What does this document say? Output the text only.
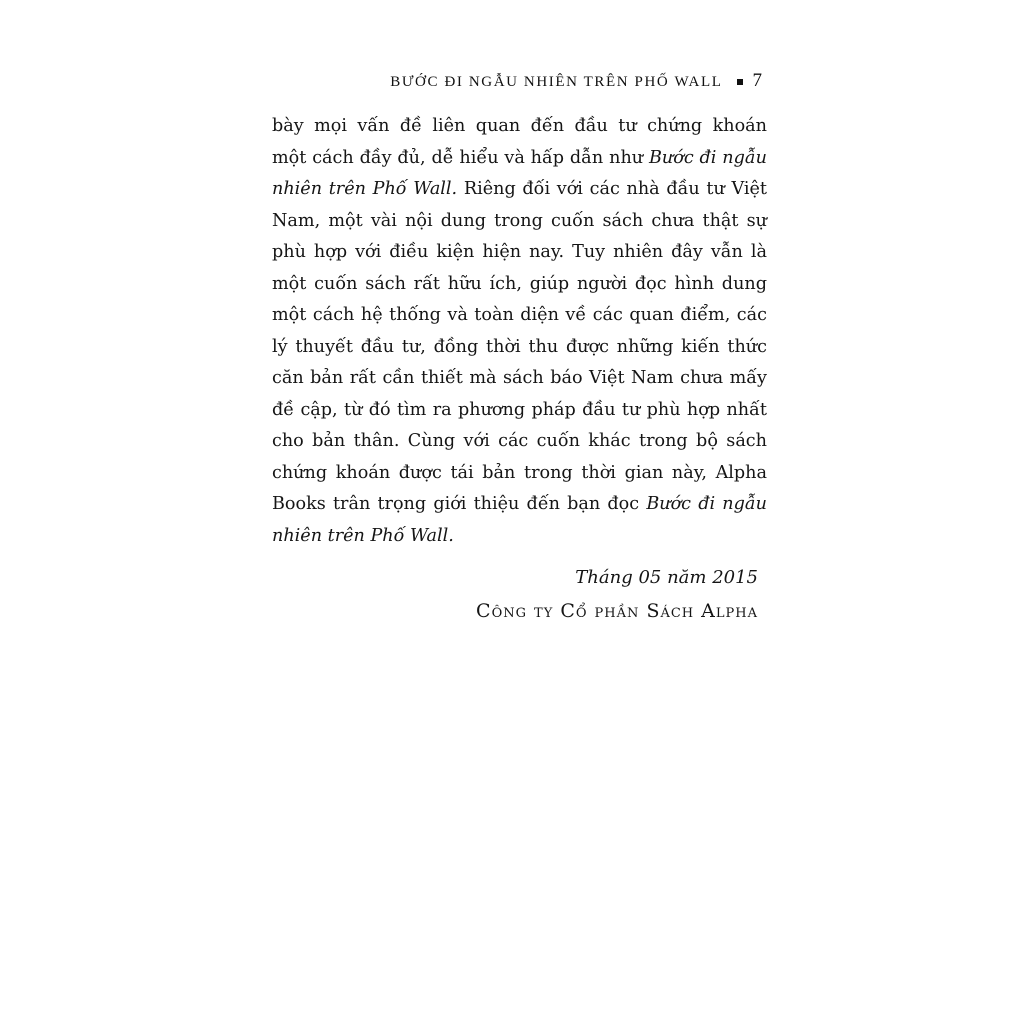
BƯỚC ĐI NGẪU NHIÊN TRÊN PHỐ WALL 7
bày mọi vấn đề liên quan đến đầu tư chứng khoán
một cách đầy đủ, dễ hiểu và hấp dẫn như Bước đi ngẫu
nhiên trên Phố Wall. Riêng đối với các nhà đầu tư Việt
Nam, một vài nội dung trong cuốn sách chưa thật sự
phù hợp với điều kiện hiện nay. Tuy nhiên đây vẫn là
một cuốn sách rất hữu ích, giúp người đọc hình dung
một cách hệ thống và toàn diện về các quan điểm, các
lý thuyết đầu tư, đồng thời thu được những kiến thức
căn bản rất cần thiết mà sách báo Việt Nam chưa mấy
đề cập, từ đó tìm ra phương pháp đầu tư phù hợp nhất
cho bản thân. Cùng với các cuốn khác trong bộ sách
chứng khoán được tái bản trong thời gian này, Alpha
Books trân trọng giới thiệu đến bạn đọc Bước đi ngẫu
nhiên trên Phố Wall.
Tháng 05 năm 2015
Công ty Cổ phần Sách Alpha
